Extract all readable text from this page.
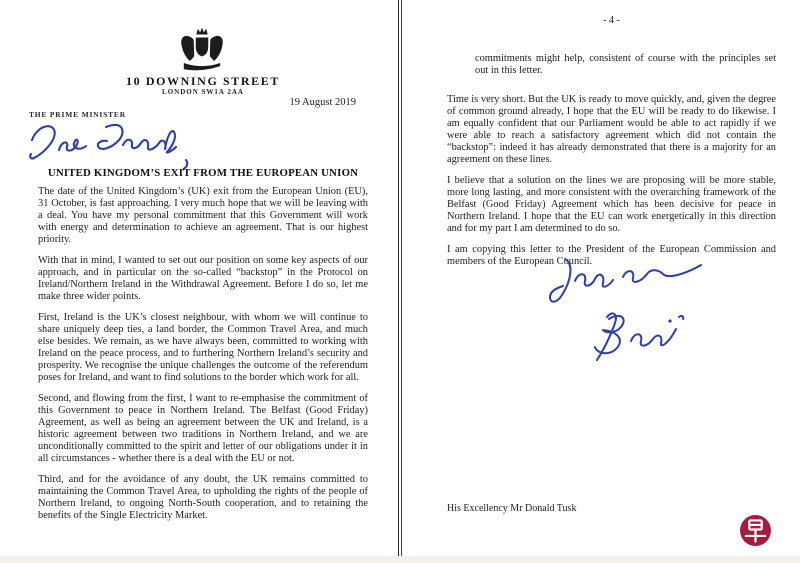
10 DOWNING STREET
LONDON SW1A 2AA
19 August 2019
THE PRIME MINISTER
UNITED KINGDOM’S EXIT FROM THE EUROPEAN UNION

The date of the United Kingdom’s (UK) exit from the European Union (EU), 31 October, is fast approaching. I very much hope that we will be leaving with a deal. You have my personal commitment that this Government will work with energy and determination to achieve an agreement. That is our highest priority.

With that in mind, I wanted to set out our position on some key aspects of our approach, and in particular on the so-called “backstop” in the Protocol on Ireland/Northern Ireland in the Withdrawal Agreement. Before I do so, let me make three wider points.

First, Ireland is the UK’s closest neighbour, with whom we will continue to share uniquely deep ties, a land border, the Common Travel Area, and much else besides. We remain, as we have always been, committed to working with Ireland on the peace process, and to furthering Northern Ireland’s security and prosperity. We recognise the unique challenges the outcome of the referendum poses for Ireland, and want to find solutions to the border which work for all.

Second, and flowing from the first, I want to re-emphasise the commitment of this Government to peace in Northern Ireland. The Belfast (Good Friday) Agreement, as well as being an agreement between the UK and Ireland, is a historic agreement between two traditions in Northern Ireland, and we are unconditionally committed to the spirit and letter of our obligations under it in all circumstances - whether there is a deal with the EU or not.

Third, and for the avoidance of any doubt, the UK remains committed to maintaining the Common Travel Area, to upholding the rights of the people of Northern Ireland, to ongoing North-South cooperation, and to retaining the benefits of the Single Electricity Market.

- 4 -
commitments might help, consistent of course with the principles set out in this letter.

Time is very short. But the UK is ready to move quickly, and, given the degree of common ground already, I hope that the EU will be ready to do likewise. I am equally confident that our Parliament would be able to act rapidly if we were able to reach a satisfactory agreement which did not contain the “backstop”: indeed it has already demonstrated that there is a majority for an agreement on these lines.

I believe that a solution on the lines we are proposing will be more stable, more long lasting, and more consistent with the overarching framework of the Belfast (Good Friday) Agreement which has been decisive for peace in Northern Ireland. I hope that the EU can work energetically in this direction and for my part I am determined to do so.

I am copying this letter to the President of the European Commission and members of the European Council.

His Excellency Mr Donald Tusk
